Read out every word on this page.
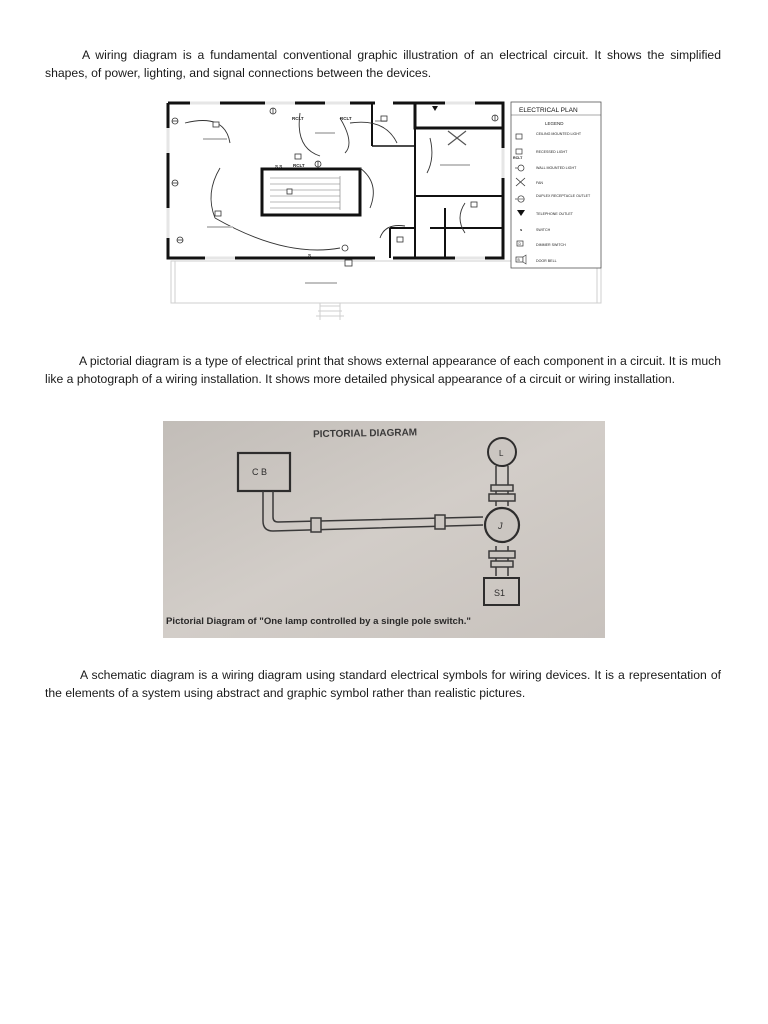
A wiring diagram is a fundamental conventional graphic illustration of an electrical circuit. It shows the simplified shapes, of power, lighting, and signal connections between the devices.

RCLT	RCLT
RCLT
S S
S
ELECTRICAL PLAN
LEGEND
CEILING MOUNTED LIGHT
RECESSED LIGHT
RCLT
WALL MOUNTED LIGHT
FAN
DUPLEX RECEPTACLE OUTLET
TELEPHONE OUTLET
s	SWITCH
D	DIMMER SWITCH
B	DOOR BELL

A pictorial diagram is a type of electrical print that shows external appearance of each component in a circuit. It is much like a photograph of a wiring installation. It shows more detailed physical appearance of a circuit or wiring installation.

PICTORIAL DIAGRAM
C B
L
J
S1
Pictorial Diagram of "One lamp controlled by a single pole switch."

A schematic diagram is a wiring diagram using standard electrical symbols for wiring devices. It is a representation of the elements of a system using abstract and graphic symbol rather than realistic pictures.
